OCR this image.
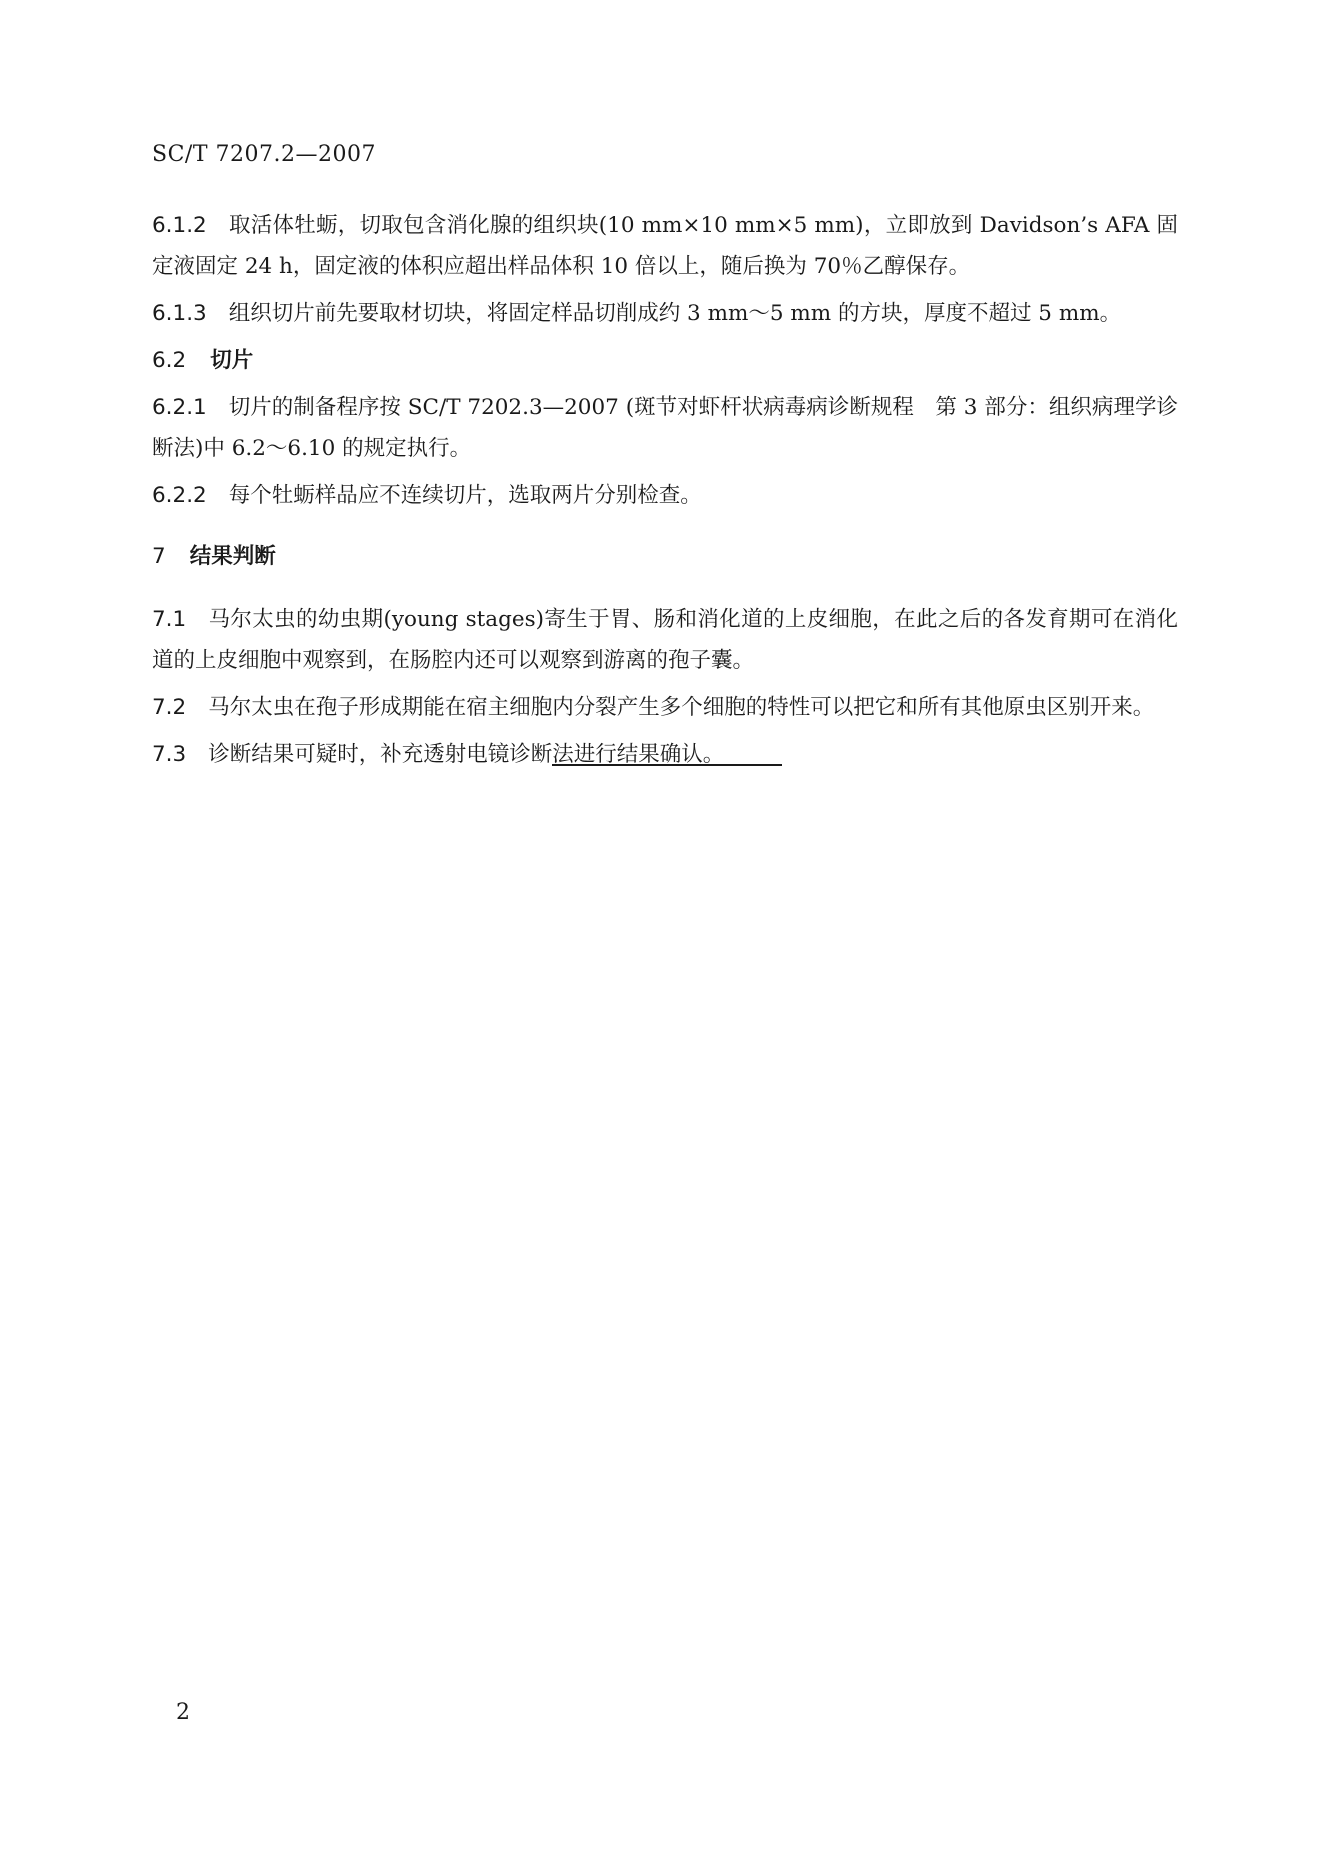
SC/T 7207.2—2007

6.1.2 取活体牡蛎，切取包含消化腺的组织块(10 mm×10 mm×5 mm)，立即放到 Davidson’s AFA 固定液固定 24 h，固定液的体积应超出样品体积 10 倍以上，随后换为 70％乙醇保存。

6.1.3 组织切片前先要取材切块，将固定样品切削成约 3 mm～5 mm 的方块，厚度不超过 5 mm。

6.2 切片

6.2.1 切片的制备程序按 SC/T 7202.3—2007 (斑节对虾杆状病毒病诊断规程　第 3 部分：组织病理学诊断法)中 6.2～6.10 的规定执行。

6.2.2 每个牡蛎样品应不连续切片，选取两片分别检查。

7 结果判断

7.1 马尔太虫的幼虫期(young stages)寄生于胃、肠和消化道的上皮细胞，在此之后的各发育期可在消化道的上皮细胞中观察到，在肠腔内还可以观察到游离的孢子囊。

7.2 马尔太虫在孢子形成期能在宿主细胞内分裂产生多个细胞的特性可以把它和所有其他原虫区别开来。

7.3 诊断结果可疑时，补充透射电镜诊断法进行结果确认。

2
